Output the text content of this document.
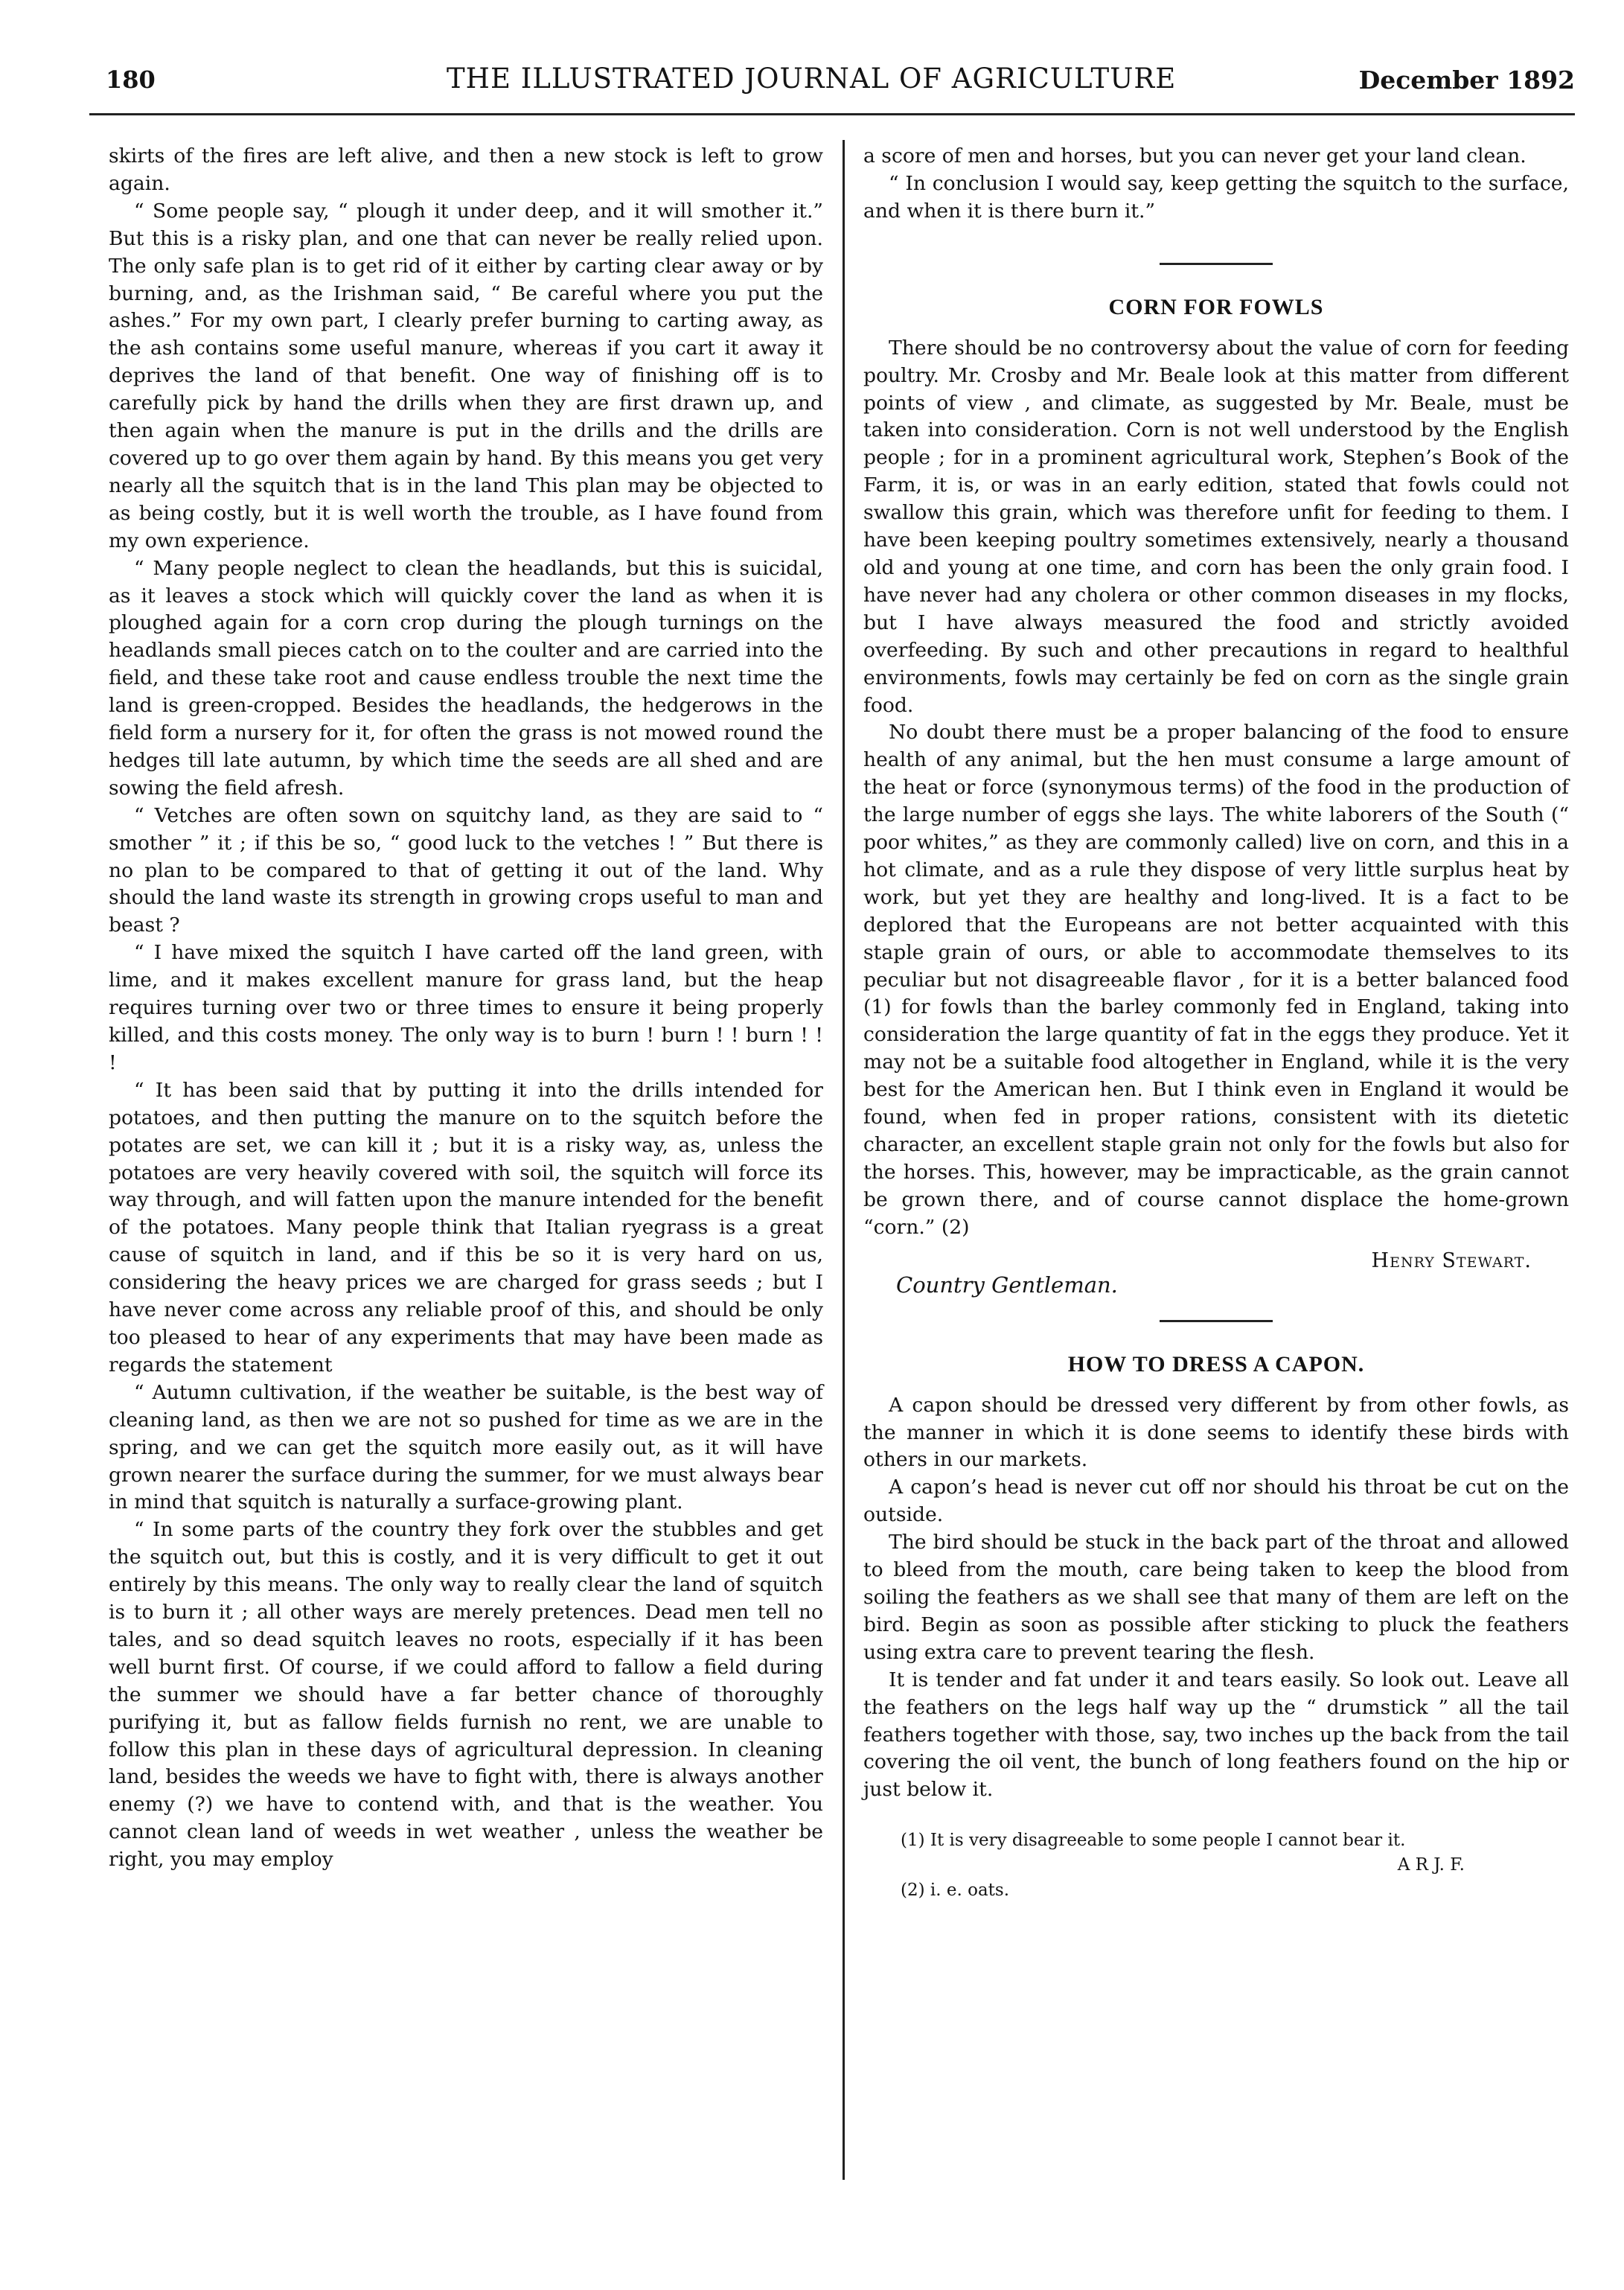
180	THE ILLUSTRATED JOURNAL OF AGRICULTURE	December 1892

skirts of the fires are left alive, and then a new stock is left to grow again.

“ Some people say, “ plough it under deep, and it will smother it.” But this is a risky plan, and one that can never be really relied upon. The only safe plan is to get rid of it either by carting clear away or by burning, and, as the Irishman said, “ Be careful where you put the ashes.” For my own part, I clearly prefer burning to carting away, as the ash contains some useful manure, whereas if you cart it away it deprives the land of that benefit. One way of finishing off is to carefully pick by hand the drills when they are first drawn up, and then again when the manure is put in the drills and the drills are covered up to go over them again by hand. By this means you get very nearly all the squitch that is in the land This plan may be objected to as being costly, but it is well worth the trouble, as I have found from my own experience.

“ Many people neglect to clean the headlands, but this is suicidal, as it leaves a stock which will quickly cover the land as when it is ploughed again for a corn crop during the plough turnings on the headlands small pieces catch on to the coulter and are carried into the field, and these take root and cause endless trouble the next time the land is green-cropped. Besides the headlands, the hedgerows in the field form a nursery for it, for often the grass is not mowed round the hedges till late autumn, by which time the seeds are all shed and are sowing the field afresh.

“ Vetches are often sown on squitchy land, as they are said to “ smother ” it ; if this be so, “ good luck to the vetches ! ” But there is no plan to be compared to that of getting it out of the land. Why should the land waste its strength in growing crops useful to man and beast ?

“ I have mixed the squitch I have carted off the land green, with lime, and it makes excellent manure for grass land, but the heap requires turning over two or three times to ensure it being properly killed, and this costs money. The only way is to burn ! burn ! ! burn ! ! !

“ It has been said that by putting it into the drills intended for potatoes, and then putting the manure on to the squitch before the potates are set, we can kill it ; but it is a risky way, as, unless the potatoes are very heavily covered with soil, the squitch will force its way through, and will fatten upon the manure intended for the benefit of the potatoes. Many people think that Italian ryegrass is a great cause of squitch in land, and if this be so it is very hard on us, considering the heavy prices we are charged for grass seeds ; but I have never come across any reliable proof of this, and should be only too pleased to hear of any experiments that may have been made as regards the statement

“ Autumn cultivation, if the weather be suitable, is the best way of cleaning land, as then we are not so pushed for time as we are in the spring, and we can get the squitch more easily out, as it will have grown nearer the surface during the summer, for we must always bear in mind that squitch is naturally a surface-growing plant.

“ In some parts of the country they fork over the stubbles and get the squitch out, but this is costly, and it is very difficult to get it out entirely by this means. The only way to really clear the land of squitch is to burn it ; all other ways are merely pretences. Dead men tell no tales, and so dead squitch leaves no roots, especially if it has been well burnt first. Of course, if we could afford to fallow a field during the summer we should have a far better chance of thoroughly purifying it, but as fallow fields furnish no rent, we are unable to follow this plan in these days of agricultural depression. In cleaning land, besides the weeds we have to fight with, there is always another enemy (?) we have to contend with, and that is the weather. You cannot clean land of weeds in wet weather , unless the weather be right, you may employ

a score of men and horses, but you can never get your land clean.

“ In conclusion I would say, keep getting the squitch to the surface, and when it is there burn it.”

CORN FOR FOWLS

There should be no controversy about the value of corn for feeding poultry. Mr. Crosby and Mr. Beale look at this matter from different points of view , and climate, as suggested by Mr. Beale, must be taken into consideration. Corn is not well understood by the English people ; for in a prominent agricultural work, Stephen’s Book of the Farm, it is, or was in an early edition, stated that fowls could not swallow this grain, which was therefore unfit for feeding to them. I have been keeping poultry sometimes extensively, nearly a thousand old and young at one time, and corn has been the only grain food. I have never had any cholera or other common diseases in my flocks, but I have always measured the food and strictly avoided overfeeding. By such and other precautions in regard to healthful environments, fowls may certainly be fed on corn as the single grain food.

No doubt there must be a proper balancing of the food to ensure health of any animal, but the hen must consume a large amount of the heat or force (synonymous terms) of the food in the production of the large number of eggs she lays. The white laborers of the South (“ poor whites,” as they are commonly called) live on corn, and this in a hot climate, and as a rule they dispose of very little surplus heat by work, but yet they are healthy and long-lived. It is a fact to be deplored that the Europeans are not better acquainted with this staple grain of ours, or able to accommodate themselves to its peculiar but not disagreeable flavor , for it is a better balanced food (1) for fowls than the barley commonly fed in England, taking into consideration the large quantity of fat in the eggs they produce. Yet it may not be a suitable food altogether in England, while it is the very best for the American hen. But I think even in England it would be found, when fed in proper rations, consistent with its dietetic character, an excellent staple grain not only for the fowls but also for the horses. This, however, may be impracticable, as the grain cannot be grown there, and of course cannot displace the home-grown “corn.” (2)

Henry Stewart.
Country Gentleman.
HOW TO DRESS A CAPON.

A capon should be dressed very different by from other fowls, as the manner in which it is done seems to identify these birds with others in our markets.

A capon’s head is never cut off nor should his throat be cut on the outside.

The bird should be stuck in the back part of the throat and allowed to bleed from the mouth, care being taken to keep the blood from soiling the feathers as we shall see that many of them are left on the bird. Begin as soon as possible after sticking to pluck the feathers using extra care to prevent tearing the flesh.

It is tender and fat under it and tears easily. So look out. Leave all the feathers on the legs half way up the “ drumstick ” all the tail feathers together with those, say, two inches up the back from the tail covering the oil vent, the bunch of long feathers found on the hip or just below it.

(1) It is very disagreeable to some people I cannot bear it.

A R J. F.

(2) i. e. oats.
